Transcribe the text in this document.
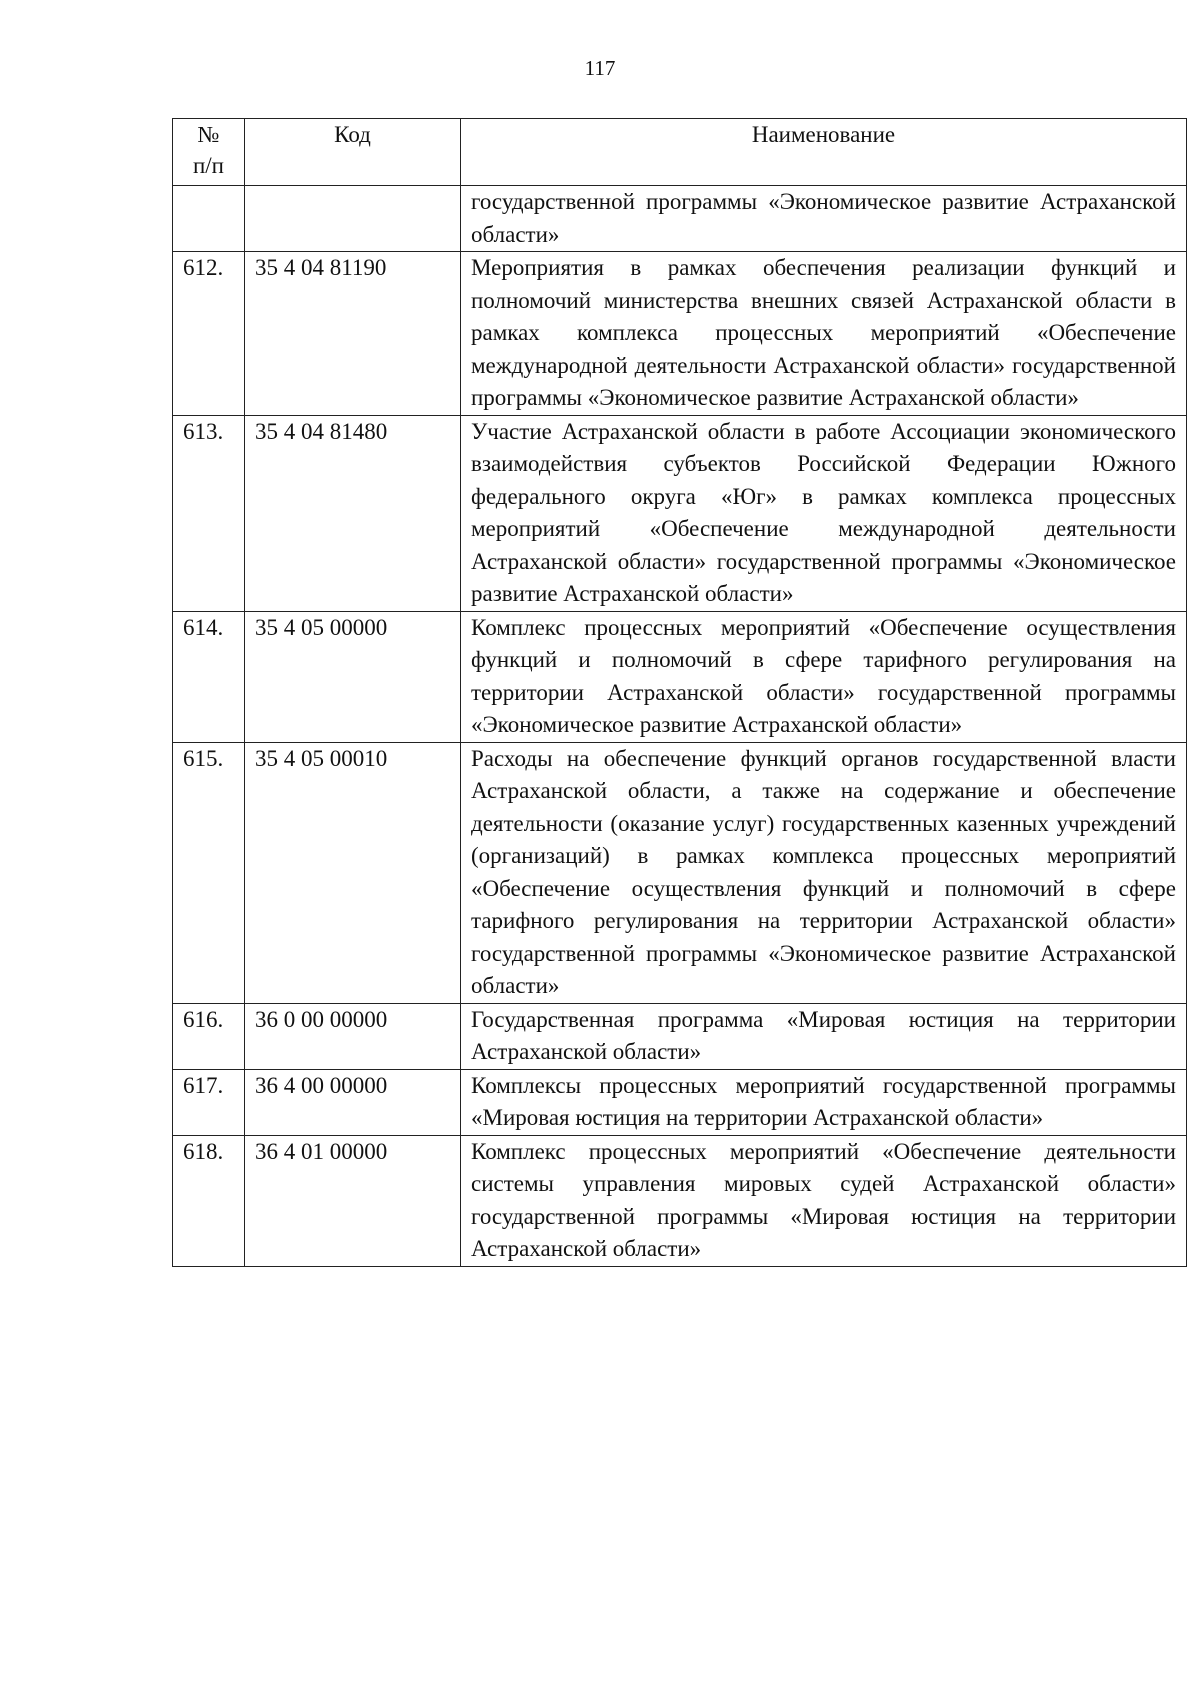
117
№
п/п	Код	Наименование
		государственной программы «Экономическое развитие Астраханской области»
612.	35 4 04 81190	Мероприятия в рамках обеспечения реализации функций и полномочий министерства внешних связей Астраханской области в рамках комплекса процессных мероприятий «Обеспечение международной деятельности Астраханской области» государственной программы «Экономическое развитие Астраханской области»
613.	35 4 04 81480	Участие Астраханской области в работе Ассоциации экономического взаимодействия субъектов Российской Федерации Южного федерального округа «Юг» в рамках комплекса процессных мероприятий «Обеспечение международной деятельности Астраханской области» государственной программы «Экономическое развитие Астраханской области»
614.	35 4 05 00000	Комплекс процессных мероприятий «Обеспечение осуществления функций и полномочий в сфере тарифного регулирования на территории Астраханской области» государственной программы «Экономическое развитие Астраханской области»
615.	35 4 05 00010	Расходы на обеспечение функций органов государственной власти Астраханской области, а также на содержание и обеспечение деятельности (оказание услуг) государственных казенных учреждений (организаций) в рамках комплекса процессных мероприятий «Обеспечение осуществления функций и полномочий в сфере тарифного регулирования на территории Астраханской области» государственной программы «Экономическое развитие Астраханской области»
616.	36 0 00 00000	Государственная программа «Мировая юстиция на территории Астраханской области»
617.	36 4 00 00000	Комплексы процессных мероприятий государственной программы «Мировая юстиция на территории Астраханской области»
618.	36 4 01 00000	Комплекс процессных мероприятий «Обеспечение деятельности системы управления мировых судей Астраханской области» государственной программы «Мировая юстиция на территории Астраханской области»
